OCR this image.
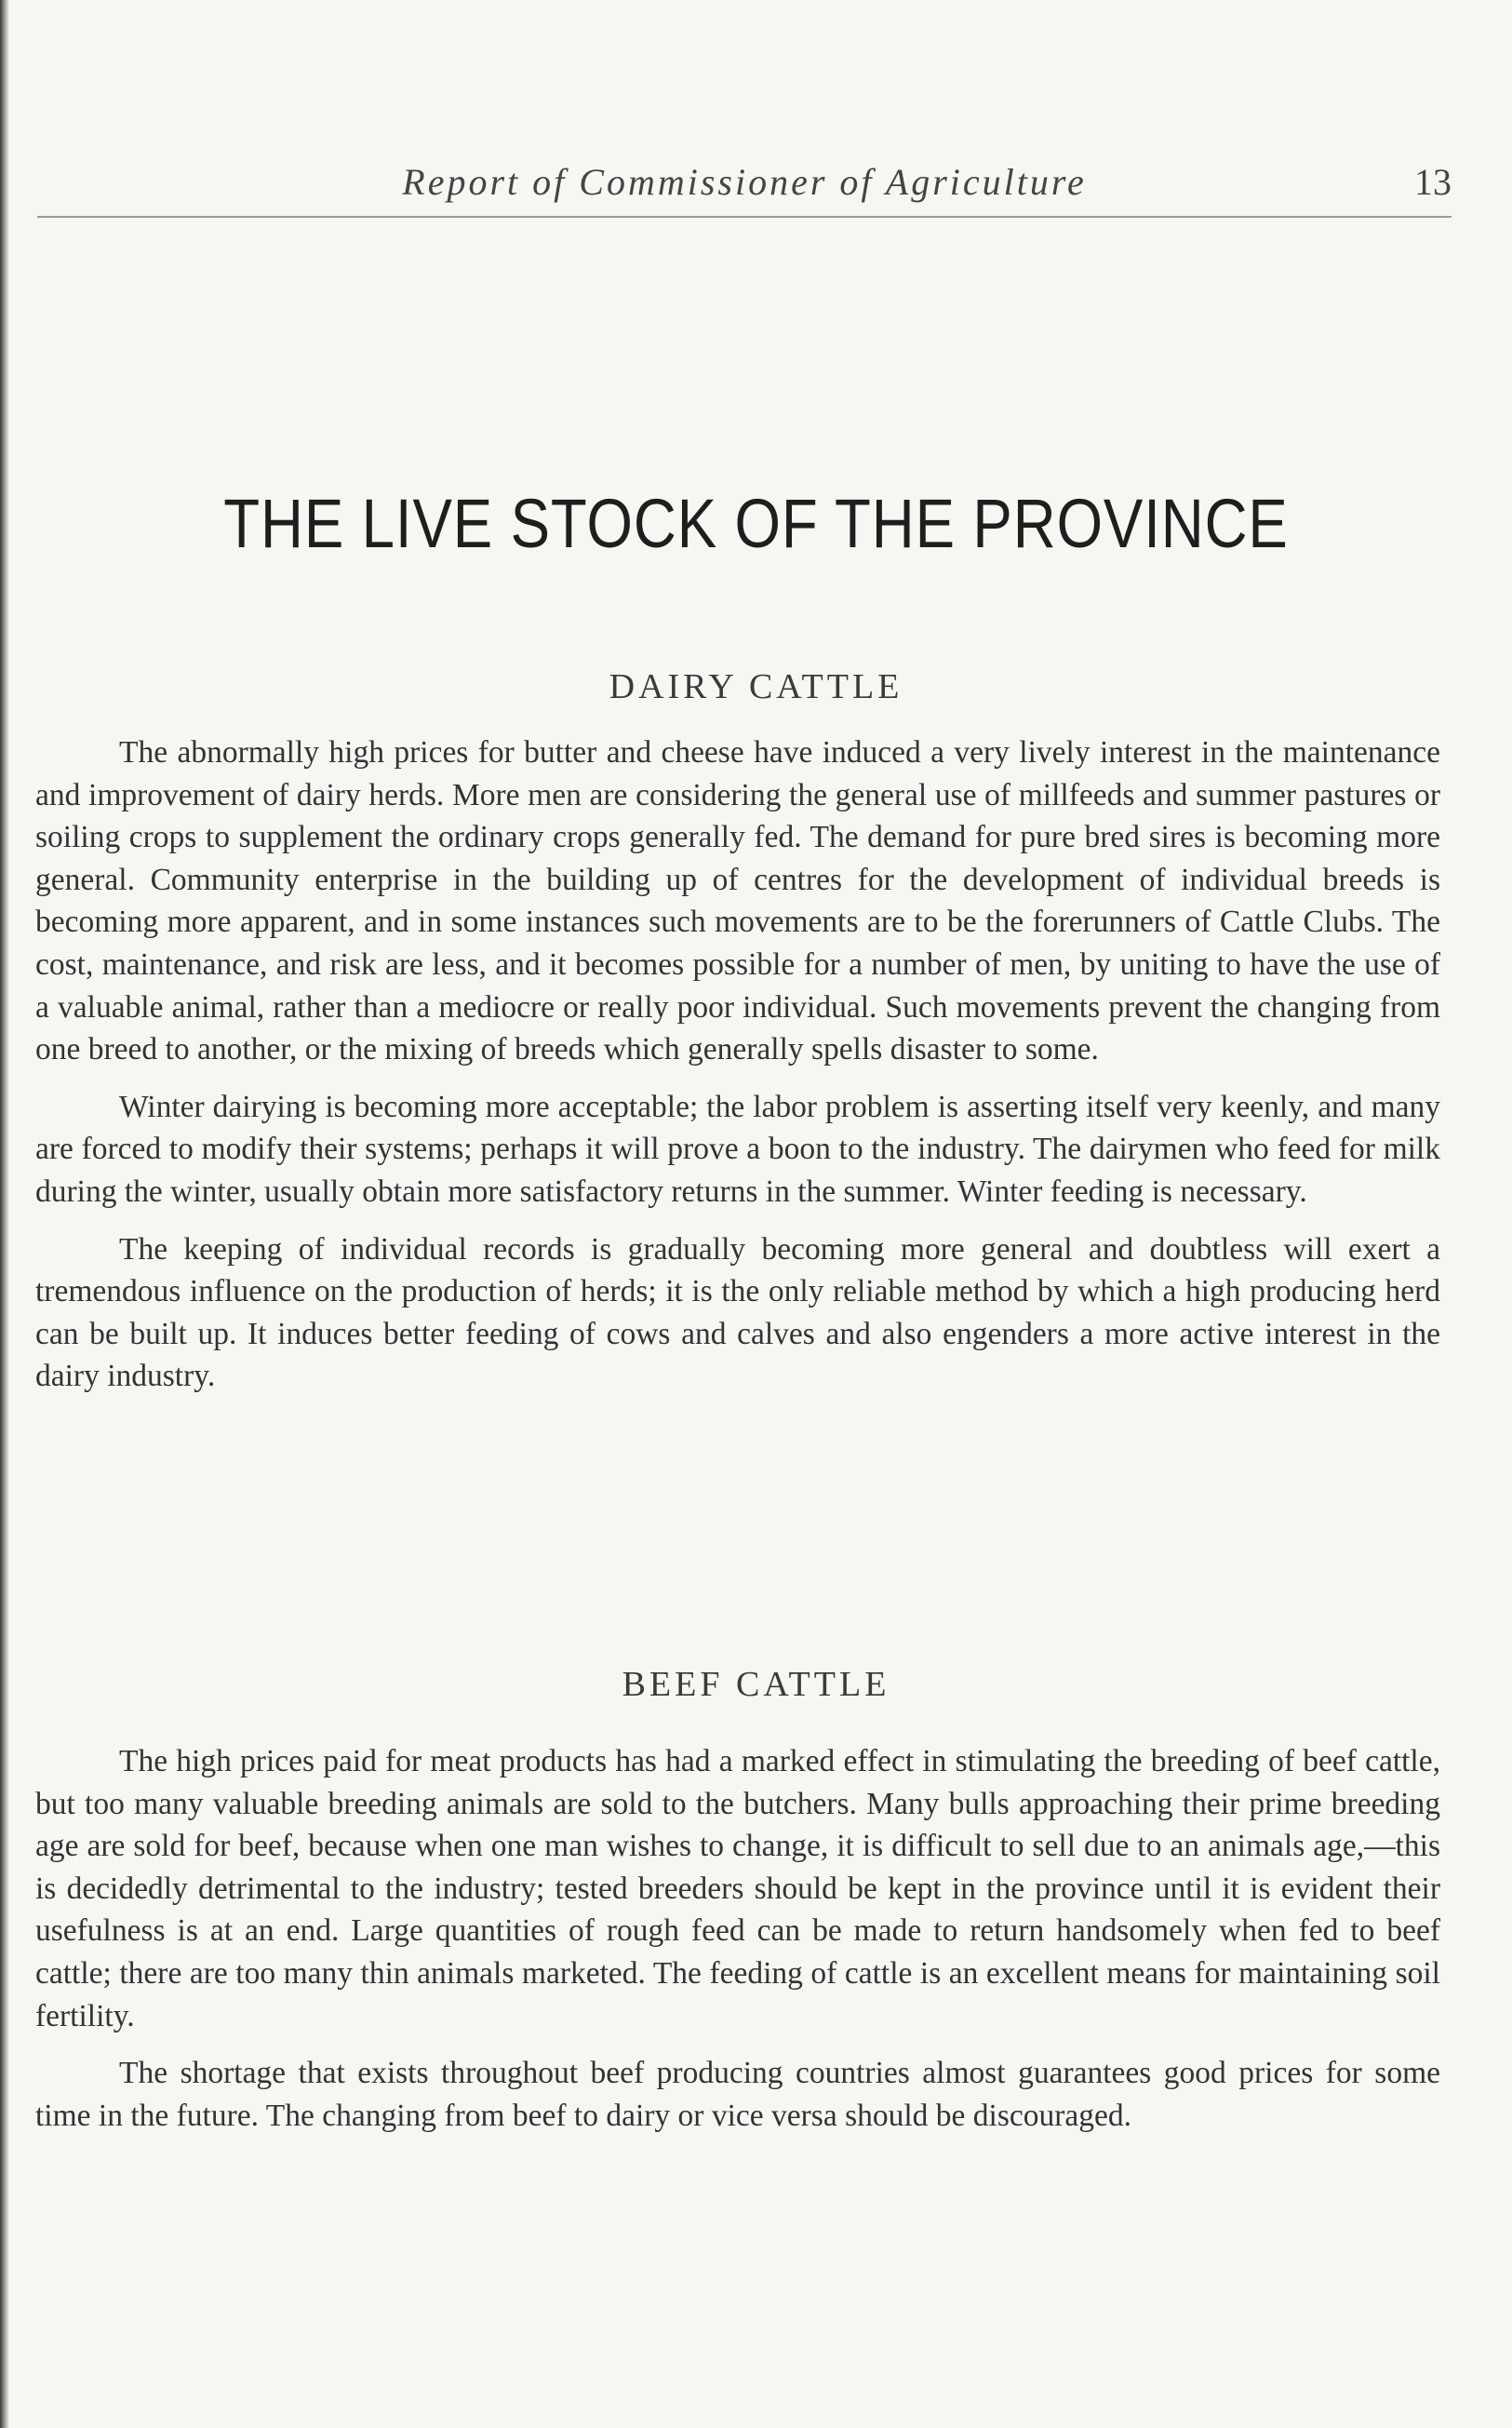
Report of Commissioner of Agriculture	13
THE LIVE STOCK OF THE PROVINCE
DAIRY CATTLE

The abnormally high prices for butter and cheese have induced a very lively interest in the maintenance and improvement of dairy herds. More men are considering the general use of millfeeds and summer pastures or soiling crops to supplement the ordinary crops generally fed. The demand for pure bred sires is becoming more general. Community enterprise in the building up of centres for the development of individual breeds is becoming more apparent, and in some instances such movements are to be the forerunners of Cattle Clubs. The cost, maintenance, and risk are less, and it becomes possible for a number of men, by uniting to have the use of a valuable animal, rather than a mediocre or really poor individual. Such movements prevent the changing from one breed to another, or the mixing of breeds which generally spells disaster to some.

Winter dairying is becoming more acceptable; the labor problem is asserting itself very keenly, and many are forced to modify their systems; perhaps it will prove a boon to the industry. The dairymen who feed for milk during the winter, usually obtain more satisfactory returns in the summer. Winter feeding is necessary.

The keeping of individual records is gradually becoming more general and doubtless will exert a tremendous influence on the production of herds; it is the only reliable method by which a high producing herd can be built up. It induces better feeding of cows and calves and also engenders a more active interest in the dairy industry.

BEEF CATTLE

The high prices paid for meat products has had a marked effect in stimulating the breeding of beef cattle, but too many valuable breeding animals are sold to the butchers. Many bulls approaching their prime breeding age are sold for beef, because when one man wishes to change, it is difficult to sell due to an animals age,—this is decidedly detrimental to the industry; tested breeders should be kept in the province until it is evident their usefulness is at an end. Large quantities of rough feed can be made to return handsomely when fed to beef cattle; there are too many thin animals marketed. The feeding of cattle is an excellent means for maintaining soil fertility.

The shortage that exists throughout beef producing countries almost guarantees good prices for some time in the future. The changing from beef to dairy or vice versa should be discouraged.
